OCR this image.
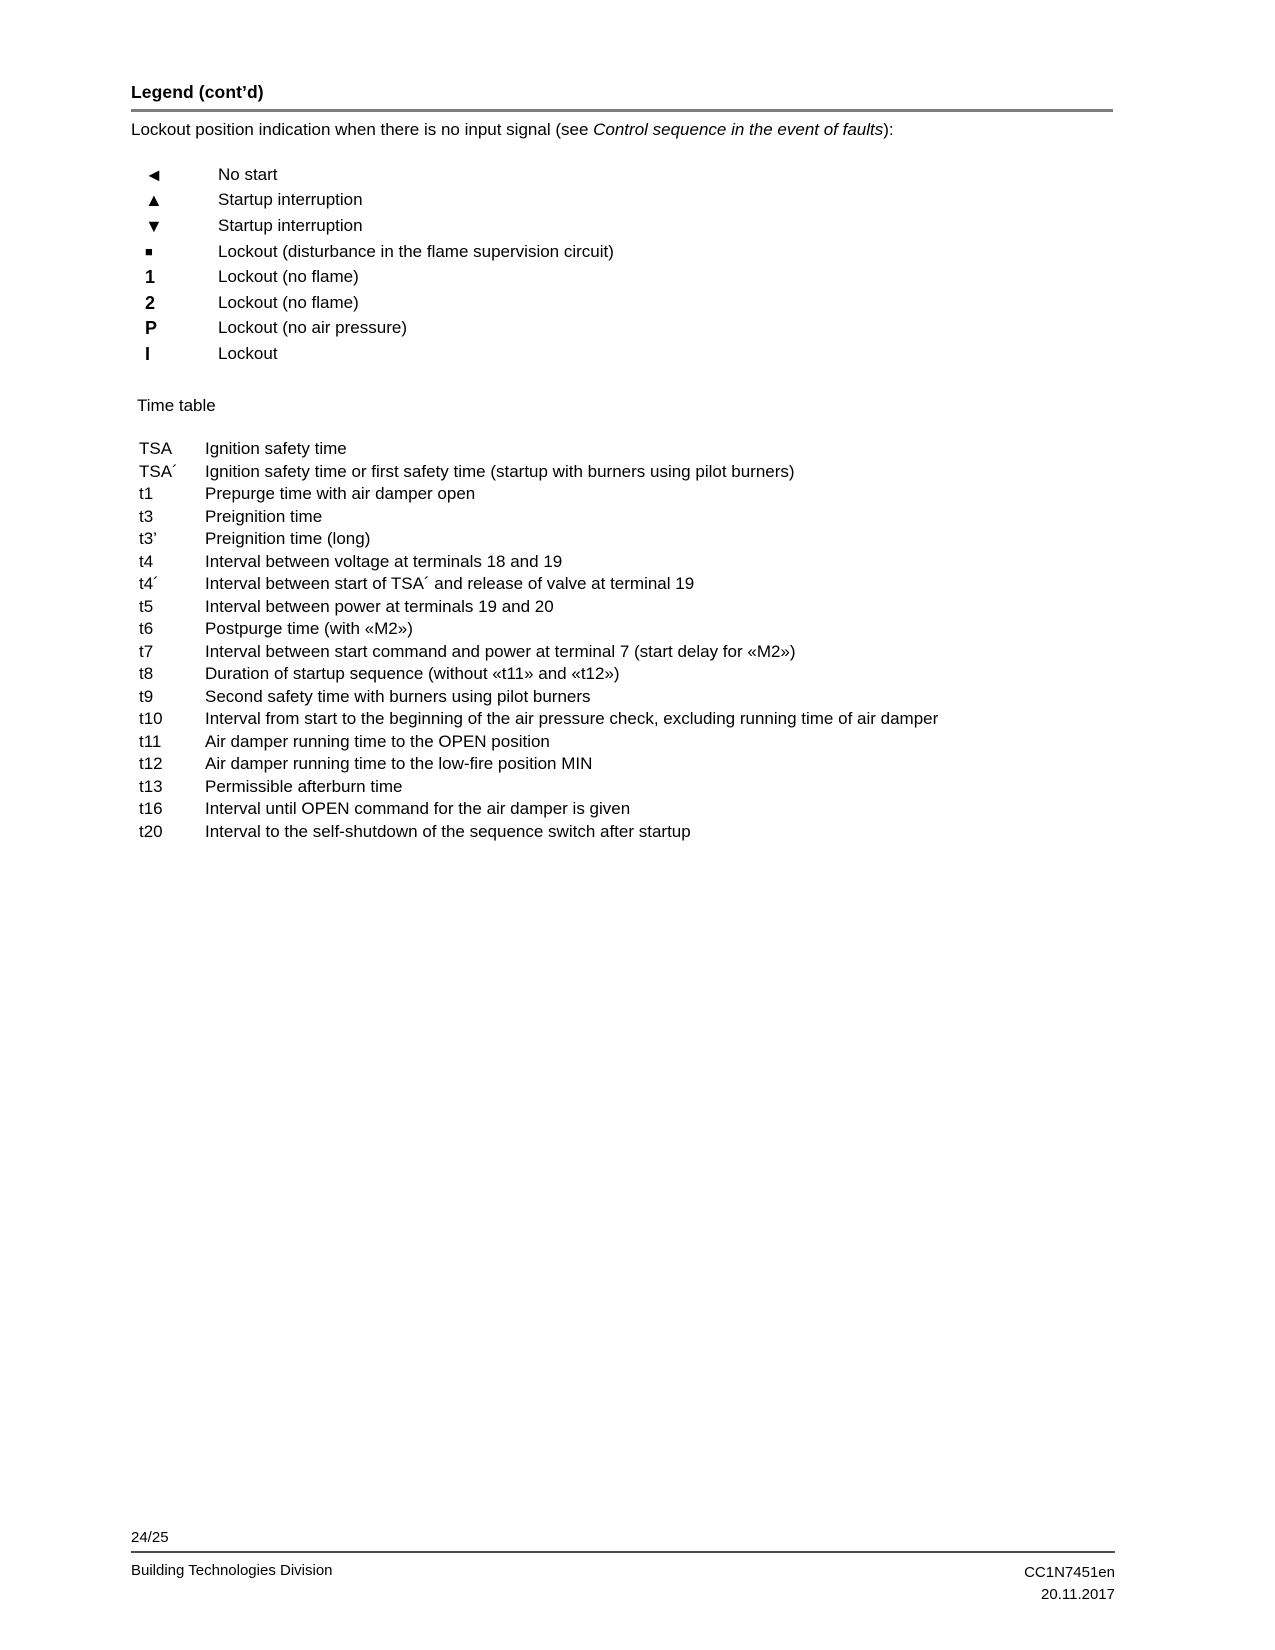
Legend (cont’d)

Lockout position indication when there is no input signal (see Control sequence in the event of faults):

◄	No start
▲	Startup interruption
▼	Startup interruption
■	Lockout (disturbance in the flame supervision circuit)
1	Lockout (no flame)
2	Lockout (no flame)
P	Lockout (no air pressure)
I	Lockout
Time table
TSA	Ignition safety time
TSA´	Ignition safety time or first safety time (startup with burners using pilot burners)
t1	Prepurge time with air damper open
t3	Preignition time
t3’	Preignition time (long)
t4	Interval between voltage at terminals 18 and 19
t4´	Interval between start of TSA´ and release of valve at terminal 19
t5	Interval between power at terminals 19 and 20
t6	Postpurge time (with «M2»)
t7	Interval between start command and power at terminal 7 (start delay for «M2»)
t8	Duration of startup sequence (without «t11» and «t12»)
t9	Second safety time with burners using pilot burners
t10	Interval from start to the beginning of the air pressure check, excluding running time of air damper
t11	Air damper running time to the OPEN position
t12	Air damper running time to the low-fire position MIN
t13	Permissible afterburn time
t16	Interval until OPEN command for the air damper is given
t20	Interval to the self-shutdown of the sequence switch after startup
24/25
Building Technologies Division	CC1N7451en
20.11.2017
